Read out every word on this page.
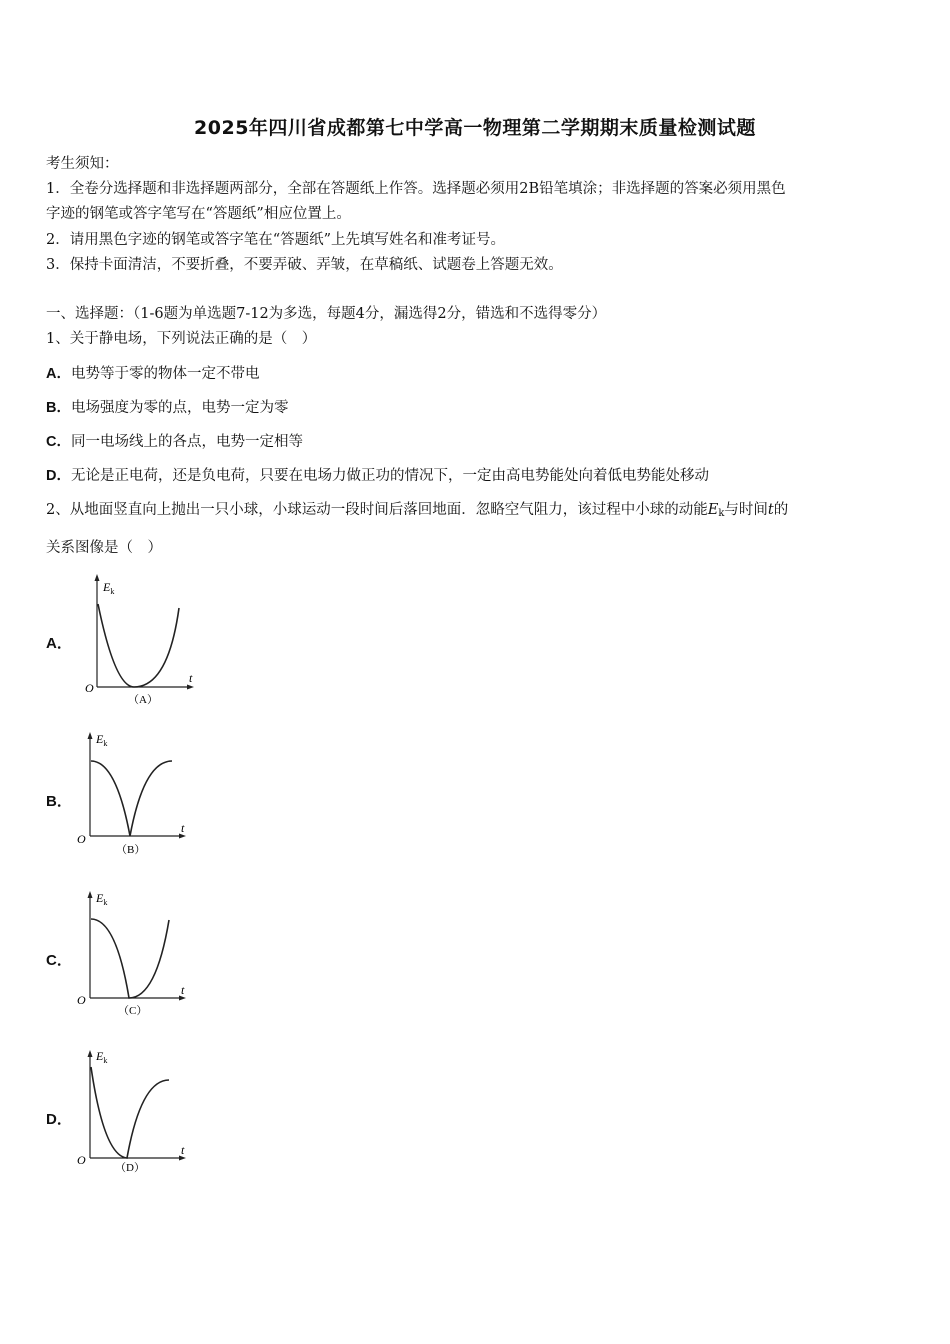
2025年四川省成都第七中学高一物理第二学期期末质量检测试题
考生须知：
1．全卷分选择题和非选择题两部分，全部在答题纸上作答。选择题必须用2B铅笔填涂；非选择题的答案必须用黑色
字迹的钢笔或答字笔写在“答题纸”相应位置上。
2．请用黑色字迹的钢笔或答字笔在“答题纸”上先填写姓名和准考证号。
3．保持卡面清洁，不要折叠，不要弄破、弄皱，在草稿纸、试题卷上答题无效。
一、选择题：（1-6题为单选题7-12为多选，每题4分，漏选得2分，错选和不选得零分）
1、关于静电场，下列说法正确的是（　）
A．电势等于零的物体一定不带电
B．电场强度为零的点，电势一定为零
C．同一电场线上的各点，电势一定相等
D．无论是正电荷，还是负电荷，只要在电场力做正功的情况下，一定由高电势能处向着低电势能处移动
2、从地面竖直向上抛出一只小球，小球运动一段时间后落回地面．忽略空气阻力，该过程中小球的动能$E_k$与时间t的
关系图像是（　）
A．
$E_k$
t
O
（A）
B．
$E_k$
t
O
（B）
C．
$E_k$
t
O
（C）
D．
$E_k$
t
O
（D）
